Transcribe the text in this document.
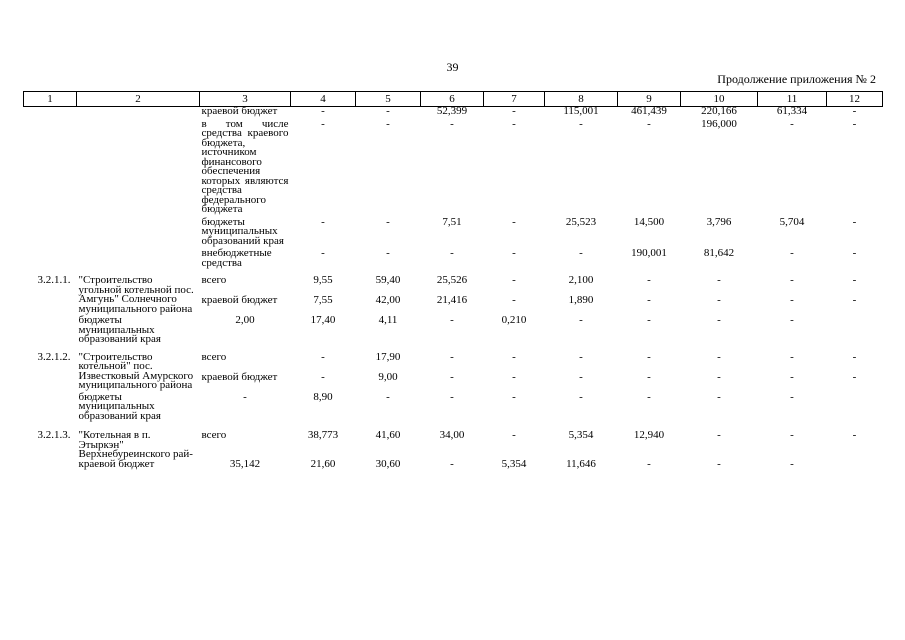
39
Продолжение приложения № 2
1	2	3	4	5	6	7	8	9	10	11	12
		краевой бюджет	-	-	52,399	-	115,001	461,439	220,166	61,334	-

		в том числе средства краевого бюджета, источником финансового обеспечения которых являются средства федерального бюджета	-	-	-	-	-	-	196,000	-	-

		бюджеты муниципальных образований края	-	-	7,51	-	25,523	14,500	3,796	5,704	-

		внебюджетные средства	-	-	-	-	-	190,001	81,642	-	-

3.2.1.1.	"Строительство угольной котельной пос. Амгунь" Солнечного муниципального района	всего	9,55	59,40	25,526	-	2,100	-	-	-	-

		краевой бюджет	7,55	42,00	21,416	-	1,890	-	-	-	-

	бюджеты муниципальных образований края	2,00	17,40	4,11	-	0,210	-	-	-	-	

3.2.1.2.	"Строительство котельной" пос. Известковый Амурского муниципального района	всего	-	17,90	-	-	-	-	-	-	-

		краевой бюджет	-	9,00	-	-	-	-	-	-	-

	бюджеты муниципальных образований края	-	8,90	-	-	-	-	-	-	-	

3.2.1.3.	"Котельная в п. Этыркэн" Верхнебуреинского рай-	всего	38,773	41,60	34,00	-	5,354	12,940	-	-	-

	краевой бюджет	35,142	21,60	30,60	-	5,354	11,646	-	-	-	
